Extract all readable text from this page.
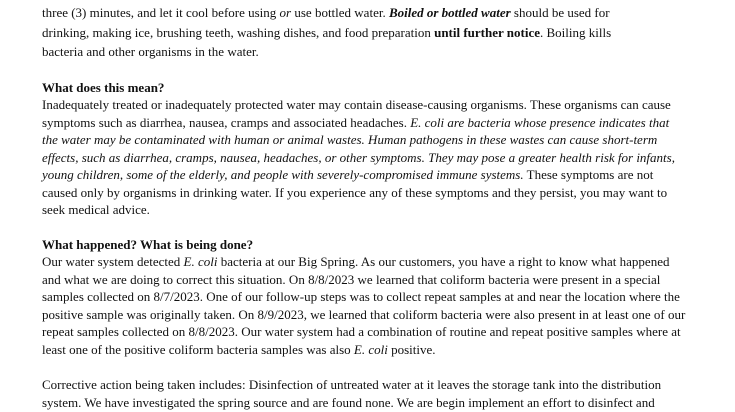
three (3) minutes, and let it cool before using or use bottled water. Boiled or bottled water should be used for
drinking, making ice, brushing teeth, washing dishes, and food preparation until further notice. Boiling kills
bacteria and other organisms in the water.
What does this mean?
Inadequately treated or inadequately protected water may contain disease-causing organisms. These organisms can cause
symptoms such as diarrhea, nausea, cramps and associated headaches. E. coli are bacteria whose presence indicates that
the water may be contaminated with human or animal wastes. Human pathogens in these wastes can cause short-term
effects, such as diarrhea, cramps, nausea, headaches, or other symptoms. They may pose a greater health risk for infants,
young children, some of the elderly, and people with severely-compromised immune systems. These symptoms are not
caused only by organisms in drinking water. If you experience any of these symptoms and they persist, you may want to
seek medical advice.
What happened? What is being done?
Our water system detected E. coli bacteria at our Big Spring. As our customers, you have a right to know what happened
and what we are doing to correct this situation. On 8/8/2023 we learned that coliform bacteria were present in a special
samples collected on 8/7/2023. One of our follow-up steps was to collect repeat samples at and near the location where the
positive sample was originally taken. On 8/9/2023, we learned that coliform bacteria were also present in at least one of our
repeat samples collected on 8/8/2023. Our water system had a combination of routine and repeat positive samples where at
least one of the positive coliform bacteria samples was also E. coli positive.
Corrective action being taken includes: Disinfection of untreated water at it leaves the storage tank into the distribution
system. We have investigated the spring source and are found none. We are begin implement an effort to disinfect and
